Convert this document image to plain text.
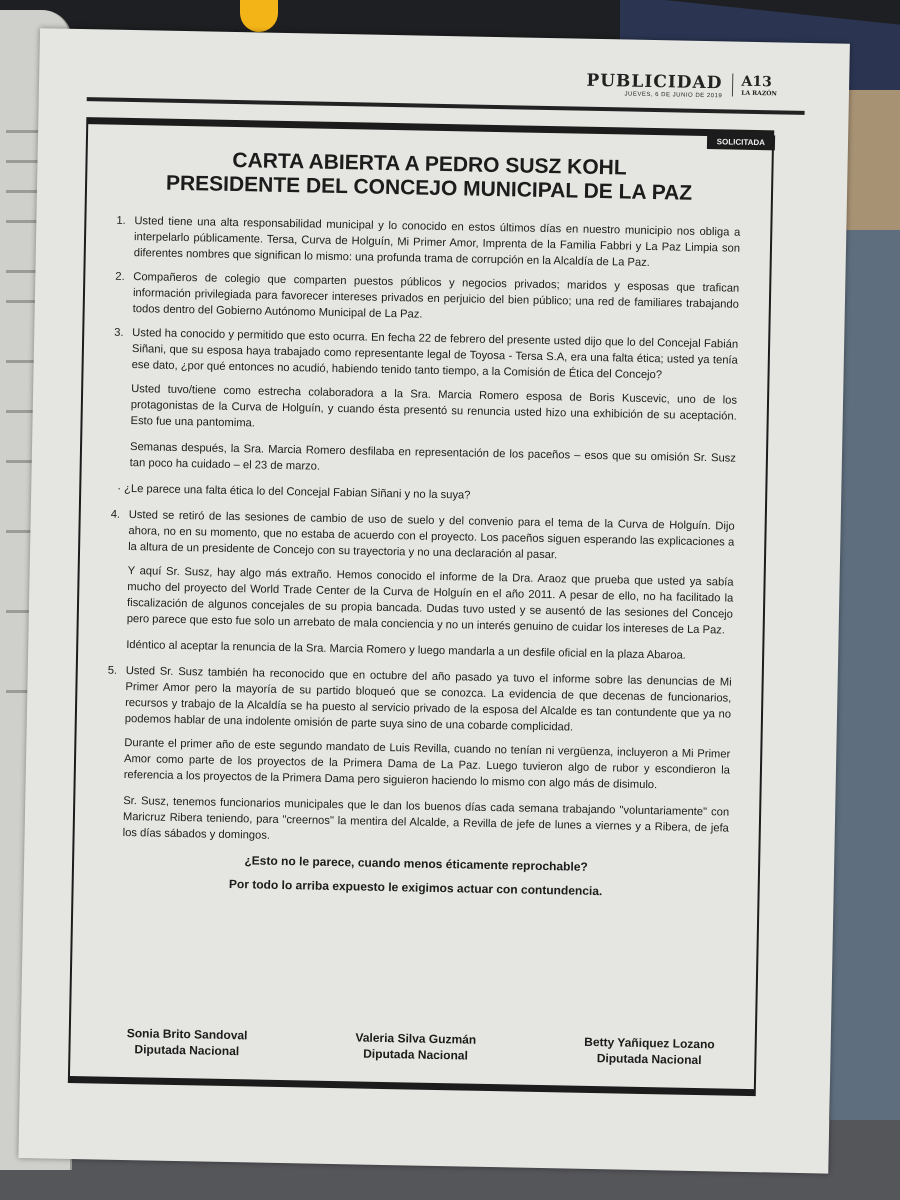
PUBLICIDAD
JUEVES, 6 DE JUNIO DE 2019
A13
LA RAZÓN
SOLICITADA
CARTA ABIERTA A PEDRO SUSZ KOHL
PRESIDENTE DEL CONCEJO MUNICIPAL DE LA PAZ
1. Usted tiene una alta responsabilidad municipal y lo conocido en estos últimos días en nuestro municipio nos obliga a interpelarlo públicamente. Tersa, Curva de Holguín, Mi Primer Amor, Imprenta de la Familia Fabbri y La Paz Limpia son diferentes nombres que significan lo mismo: una profunda trama de corrupción en la Alcaldía de La Paz.
2. Compañeros de colegio que comparten puestos públicos y negocios privados; maridos y esposas que trafican información privilegiada para favorecer intereses privados en perjuicio del bien público; una red de familiares trabajando todos dentro del Gobierno Autónomo Municipal de La Paz.
3. Usted ha conocido y permitido que esto ocurra. En fecha 22 de febrero del presente usted dijo que lo del Concejal Fabián Siñani, que su esposa haya trabajado como representante legal de Toyosa - Tersa S.A, era una falta ética; usted ya tenía ese dato, ¿por qué entonces no acudió, habiendo tenido tanto tiempo, a la Comisión de Ética del Concejo?

Usted tuvo/tiene como estrecha colaboradora a la Sra. Marcia Romero esposa de Boris Kuscevic, uno de los protagonistas de la Curva de Holguín, y cuando ésta presentó su renuncia usted hizo una exhibición de su aceptación. Esto fue una pantomima.

Semanas después, la Sra. Marcia Romero desfilaba en representación de los paceños – esos que su omisión Sr. Susz tan poco ha cuidado – el 23 de marzo.

· ¿Le parece una falta ética lo del Concejal Fabian Siñani y no la suya?

4. Usted se retiró de las sesiones de cambio de uso de suelo y del convenio para el tema de la Curva de Holguín. Dijo ahora, no en su momento, que no estaba de acuerdo con el proyecto. Los paceños siguen esperando las explicaciones a la altura de un presidente de Concejo con su trayectoria y no una declaración al pasar.

Y aquí Sr. Susz, hay algo más extraño. Hemos conocido el informe de la Dra. Araoz que prueba que usted ya sabía mucho del proyecto del World Trade Center de la Curva de Holguín en el año 2011. A pesar de ello, no ha facilitado la fiscalización de algunos concejales de su propia bancada. Dudas tuvo usted y se ausentó de las sesiones del Concejo pero parece que esto fue solo un arrebato de mala conciencia y no un interés genuino de cuidar los intereses de La Paz.

Idéntico al aceptar la renuncia de la Sra. Marcia Romero y luego mandarla a un desfile oficial en la plaza Abaroa.

5. Usted Sr. Susz también ha reconocido que en octubre del año pasado ya tuvo el informe sobre las denuncias de Mi Primer Amor pero la mayoría de su partido bloqueó que se conozca. La evidencia de que decenas de funcionarios, recursos y trabajo de la Alcaldía se ha puesto al servicio privado de la esposa del Alcalde es tan contundente que ya no podemos hablar de una indolente omisión de parte suya sino de una cobarde complicidad.

Durante el primer año de este segundo mandato de Luis Revilla, cuando no tenían ni vergüenza, incluyeron a Mi Primer Amor como parte de los proyectos de la Primera Dama de La Paz. Luego tuvieron algo de rubor y escondieron la referencia a los proyectos de la Primera Dama pero siguieron haciendo lo mismo con algo más de disimulo.

Sr. Susz, tenemos funcionarios municipales que le dan los buenos días cada semana trabajando "voluntariamente" con Maricruz Ribera teniendo, para "creernos" la mentira del Alcalde, a Revilla de jefe de lunes a viernes y a Ribera, de jefa los días sábados y domingos.

¿Esto no le parece, cuando menos éticamente reprochable?
Por todo lo arriba expuesto le exigimos actuar con contundencia.
Sonia Brito Sandoval
Diputada Nacional
Valeria Silva Guzmán
Diputada Nacional
Betty Yañiquez Lozano
Diputada Nacional
